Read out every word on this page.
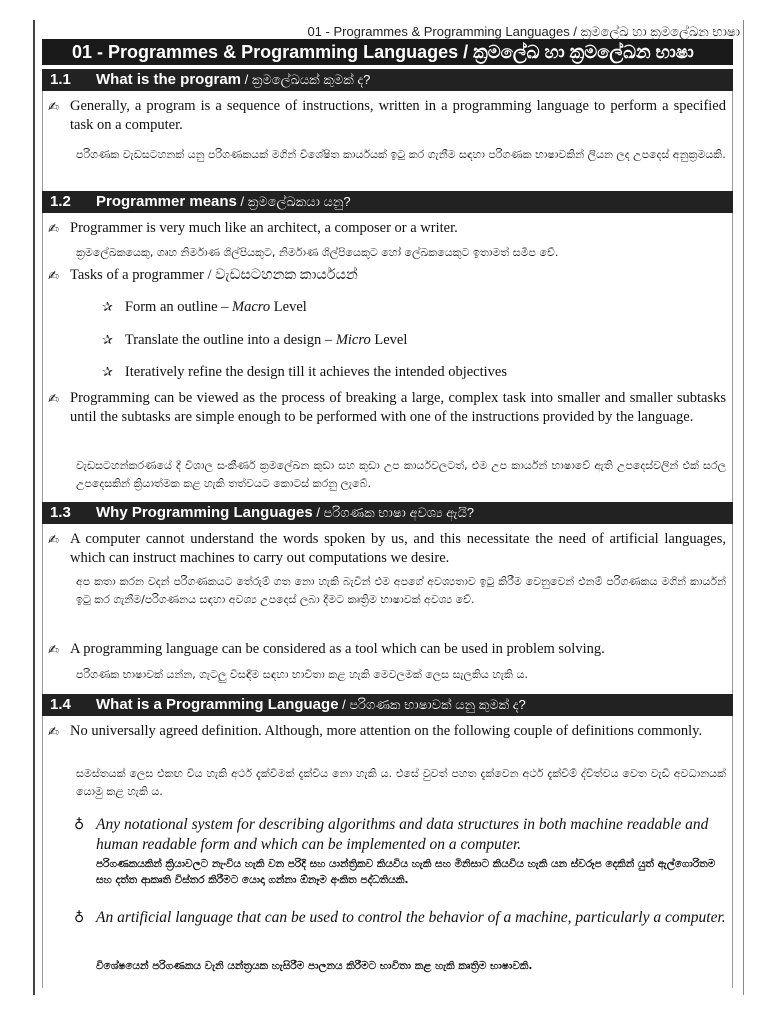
01 - Programmes & Programming Languages / ක්‍රමලේඛ හා ක්‍රමලේඛන භාෂා
01 - Programmes & Programming Languages / ක්‍රමලේඛ හා ක්‍රමලේඛන භාෂා
1.1 What is the program / ක්‍රමලේඛයක් කුමක් ද?
✍ Generally, a program is a sequence of instructions, written in a programming language to perform a specified task on a computer.
පරිගණක වැඩසටහනක් යනු පරිගණකයක් මගින් විශේෂිත කාර්යයක් ඉටු කර ගැනීම සඳහා පරිගණක භාෂාවකින් ලියන ලද උපදෙස් අනුක්‍රමයකි.
1.2 Programmer means / ක්‍රමලේඛකයා යනු?
✍ Programmer is very much like an architect, a composer or a writer.
ක්‍රමලේඛකයෙකු, ගෘහ නිර්මාණ ශිල්පියකුට, නිර්මාණ ශිල්පියෙකුට හෝ ලේඛකයෙකුට ඉතාමත් සමීප වේ.
✍ Tasks of a programmer / වැඩසටහනක කාර්යයන්
✰ Form an outline – Macro Level
✰ Translate the outline into a design – Micro Level
✰ Iteratively refine the design till it achieves the intended objectives
✍ Programming can be viewed as the process of breaking a large, complex task into smaller and smaller subtasks until the subtasks are simple enough to be performed with one of the instructions provided by the language.
වැඩසටහන්කරණයේ දී විශාල සංකීර්ණ ක්‍රමලේඛන කුඩා සහ කුඩා උප කාර්යවලටත්, එම උප කාර්යන් භාෂාවේ ඇති උපදෙස්වලින් එක් සරල උපදෙසකින් ක්‍රියාත්මක කළ හැකි තත්වයට කොටස් කරනු ලැබේ.
1.3 Why Programming Languages / පරිගණක භාෂා අවශ්‍ය ඇයි?
✍ A computer cannot understand the words spoken by us, and this necessitate the need of artificial languages, which can instruct machines to carry out computations we desire.
අප කතා කරන වදන් පරිගණකයට තේරුම් ගත නො හැකි බැවින් එම අපගේ අවශ්‍යතාව ඉටු කිරීම වෙනුවෙන් එනම් පරිගණකය මගින් කාර්යන් ඉටු කර ගැනීම/පරිගණනය සඳහා අවශ්‍ය උපදෙස් ලබා දීමට කෘත්‍රිම භාෂාවක් අවශ්‍ය වේ.
✍ A programming language can be considered as a tool which can be used in problem solving.
පරිගණක භාෂාවක් යන්න, ගැටලු විසඳීම සඳහා භාවිතා කළ හැකි මෙවලමක් ලෙස සැලකිය හැකි ය.
1.4 What is a Programming Language / පරිගණක භාෂාවක් යනු කුමක් ද?
✍ No universally agreed definition. Although, more attention on the following couple of definitions commonly.
සමස්තයක් ලෙස එකඟ විය හැකි අර්ථ දැක්වීමක් දැක්විය නො හැකි ය. එසේ වුවත් පහත දැක්වෙන අර්ථ දැක්වීම් ද්විත්වය වෙත වැඩි අවධානයක් යොමු කළ හැකි ය.
♁ Any notational system for describing algorithms and data structures in both machine readable and human readable form and which can be implemented on a computer.
පරිගණකයකින් ක්‍රියාවලට නැංවිය හැකි වන පරිදි සහ යාන්ත්‍රිකව කියවිය හැකි සහ මිනිසාට කියවිය හැකි යන ස්වරූප දෙකින් යුත් ඇල්ගොරිතම සහ දත්ත ආකෘති විස්තර කිරීමට යොදා ගන්නා ඕනෑම අංකිත පද්ධතියකි.
♁ An artificial language that can be used to control the behavior of a machine, particularly a computer.
විශේෂයෙන් පරිගණකය වැනි යන්ත්‍රයක හැසිරීම පාලනය කිරීමට භාවිතා කළ හැකි කෘත්‍රිම භාෂාවකි.
